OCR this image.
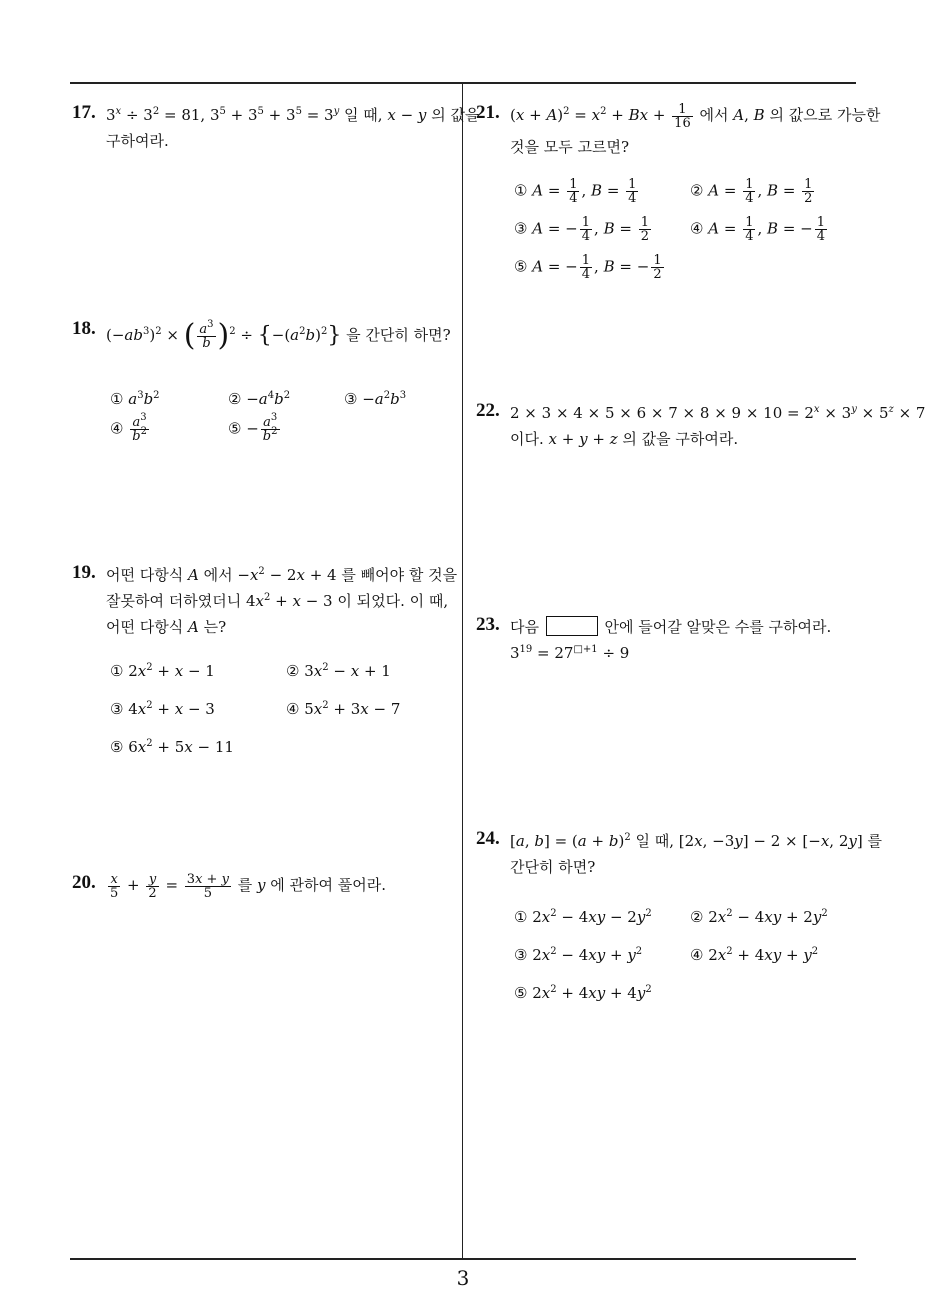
3
17. $3^x \div 3^2 = 81$, $3^5 + 3^5 + 3^5 = 3^y$ 일 때, x − y 의 값을
구하여라.
18. $(-ab^3)^2$ × ( $\frac{a^3}{b} )^2 \div \{-(a^2b)^2\}$ 을 간단히 하면?
① $a^3b^2$	② $-a^4b^2$	③ $-a^2b^3$
④ $\frac{a^3}{b^2}$	⑤ − $\frac{a^3}{b^2}$
19. 어떤 다항식 A 에서 $-x^2 - 2x + 4$ 를 빼어야 할 것을
잘못하여 더하였더니 $4x^2 + x - 3$ 이 되었다. 이 때,
어떤 다항식 A 는?
① $2x^2 + x - 1$	② $3x^2 - x + 1$
③ $4x^2 + x - 3$	④ $5x^2 + 3x - 7$
⑤ $6x^2 + 5x - 11$
20. $\frac{x}{5} + \frac{y}{2} = \frac{3x + y}{5}$ 를 y 에 관하여 풀어라.
21. $(x + A)^2 = x^2 + Bx + \frac{1}{16}$ 에서 A, B 의 값으로 가능한
것을 모두 고르면?
① $A = \frac{1}{4}$ , $B = \frac{1}{4}$	② $A = \frac{1}{4}$ , $B = \frac{1}{2}$
③ A = − $\frac{1}{4}$ , $B = \frac{1}{2}$	④ $A = \frac{1}{4}$ , B = − $\frac{1}{4}$
⑤ A = − $\frac{1}{4}$ , B = − $\frac{1}{2}$
22. $2 \times 3 \times 4 \times 5 \times 6 \times 7 \times 8 \times 9 \times 10 = 2^x \times 3^y \times 5^z \times 7$
이다. x + y + z 의 값을 구하여라.
23. 다음	안에 들어갈 알맞은 수를 구하여라.
$3^{19} = 27^{□+1} \div 9$
24. [a, $b] = (a + b)^2$ 일 때, [2x, −3y] − 2 × [−x, 2y] 를
간단히 하면?
① $2x^2 - 4xy - 2y^2$	② $2x^2 - 4xy + 2y^2$
③ $2x^2 - 4xy + y^2$	④ $2x^2 + 4xy + y^2$
⑤ $2x^2 + 4xy + 4y^2$
